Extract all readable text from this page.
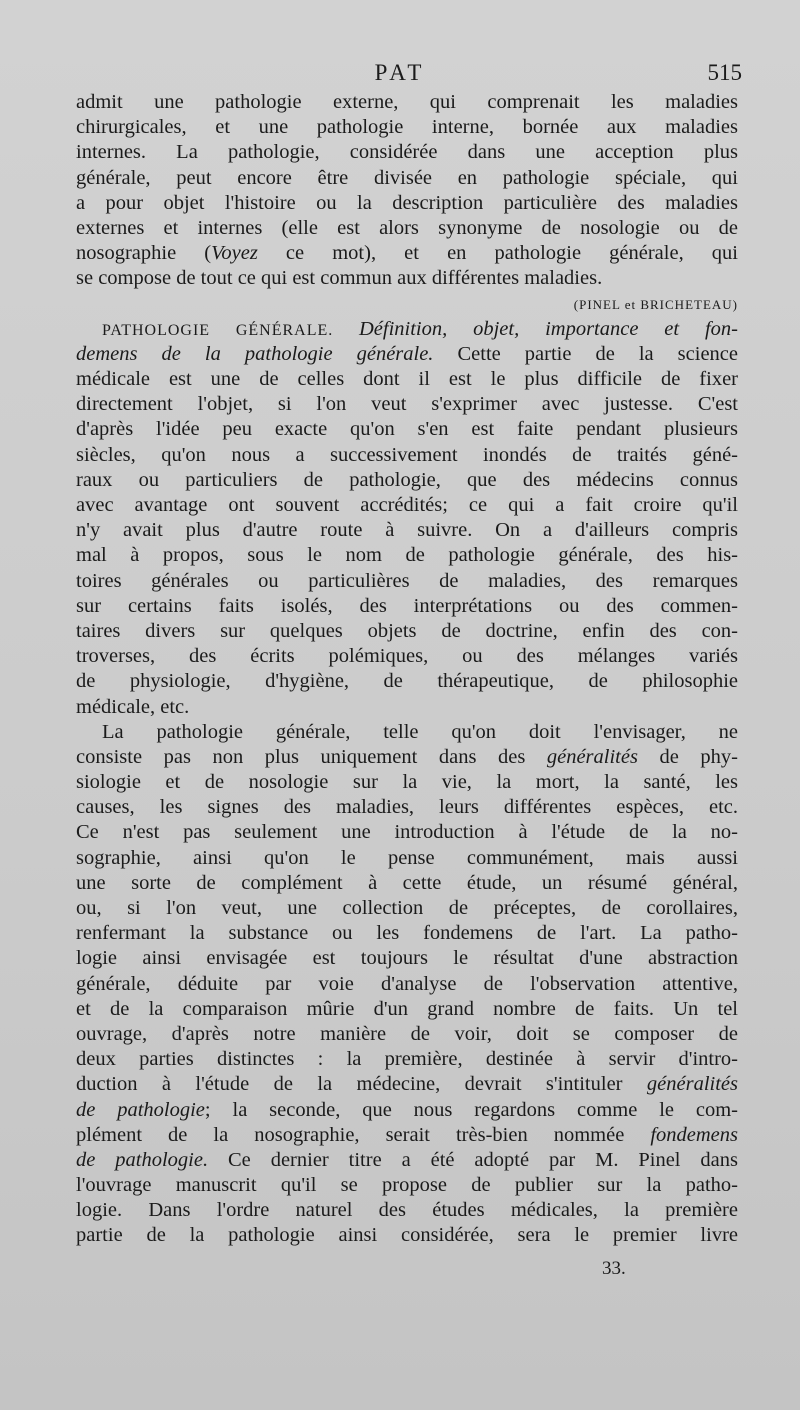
PAT	515
admit une pathologie externe, qui comprenait les maladies
chirurgicales, et une pathologie interne, bornée aux maladies
internes. La pathologie, considérée dans une acception plus
générale, peut encore être divisée en pathologie spéciale, qui
a pour objet l'histoire ou la description particulière des maladies
externes et internes (elle est alors synonyme de nosologie ou de
nosographie (Voyez ce mot), et en pathologie générale, qui
se compose de tout ce qui est commun aux différentes maladies.
(PINEL et BRICHETEAU)
PATHOLOGIE GÉNÉRALE. Définition, objet, importance et fon-
demens de la pathologie générale. Cette partie de la science
médicale est une de celles dont il est le plus difficile de fixer
directement l'objet, si l'on veut s'exprimer avec justesse. C'est
d'après l'idée peu exacte qu'on s'en est faite pendant plusieurs
siècles, qu'on nous a successivement inondés de traités géné-
raux ou particuliers de pathologie, que des médecins connus
avec avantage ont souvent accrédités; ce qui a fait croire qu'il
n'y avait plus d'autre route à suivre. On a d'ailleurs compris
mal à propos, sous le nom de pathologie générale, des his-
toires générales ou particulières de maladies, des remarques
sur certains faits isolés, des interprétations ou des commen-
taires divers sur quelques objets de doctrine, enfin des con-
troverses, des écrits polémiques, ou des mélanges variés
de physiologie, d'hygiène, de thérapeutique, de philosophie
médicale, etc.
La pathologie générale, telle qu'on doit l'envisager, ne
consiste pas non plus uniquement dans des généralités de phy-
siologie et de nosologie sur la vie, la mort, la santé, les
causes, les signes des maladies, leurs différentes espèces, etc.
Ce n'est pas seulement une introduction à l'étude de la no-
sographie, ainsi qu'on le pense communément, mais aussi
une sorte de complément à cette étude, un résumé général,
ou, si l'on veut, une collection de préceptes, de corollaires,
renfermant la substance ou les fondemens de l'art. La patho-
logie ainsi envisagée est toujours le résultat d'une abstraction
générale, déduite par voie d'analyse de l'observation attentive,
et de la comparaison mûrie d'un grand nombre de faits. Un tel
ouvrage, d'après notre manière de voir, doit se composer de
deux parties distinctes : la première, destinée à servir d'intro-
duction à l'étude de la médecine, devrait s'intituler généralités
de pathologie; la seconde, que nous regardons comme le com-
plément de la nosographie, serait très-bien nommée fondemens
de pathologie. Ce dernier titre a été adopté par M. Pinel dans
l'ouvrage manuscrit qu'il se propose de publier sur la patho-
logie. Dans l'ordre naturel des études médicales, la première
partie de la pathologie ainsi considérée, sera le premier livre
33.
